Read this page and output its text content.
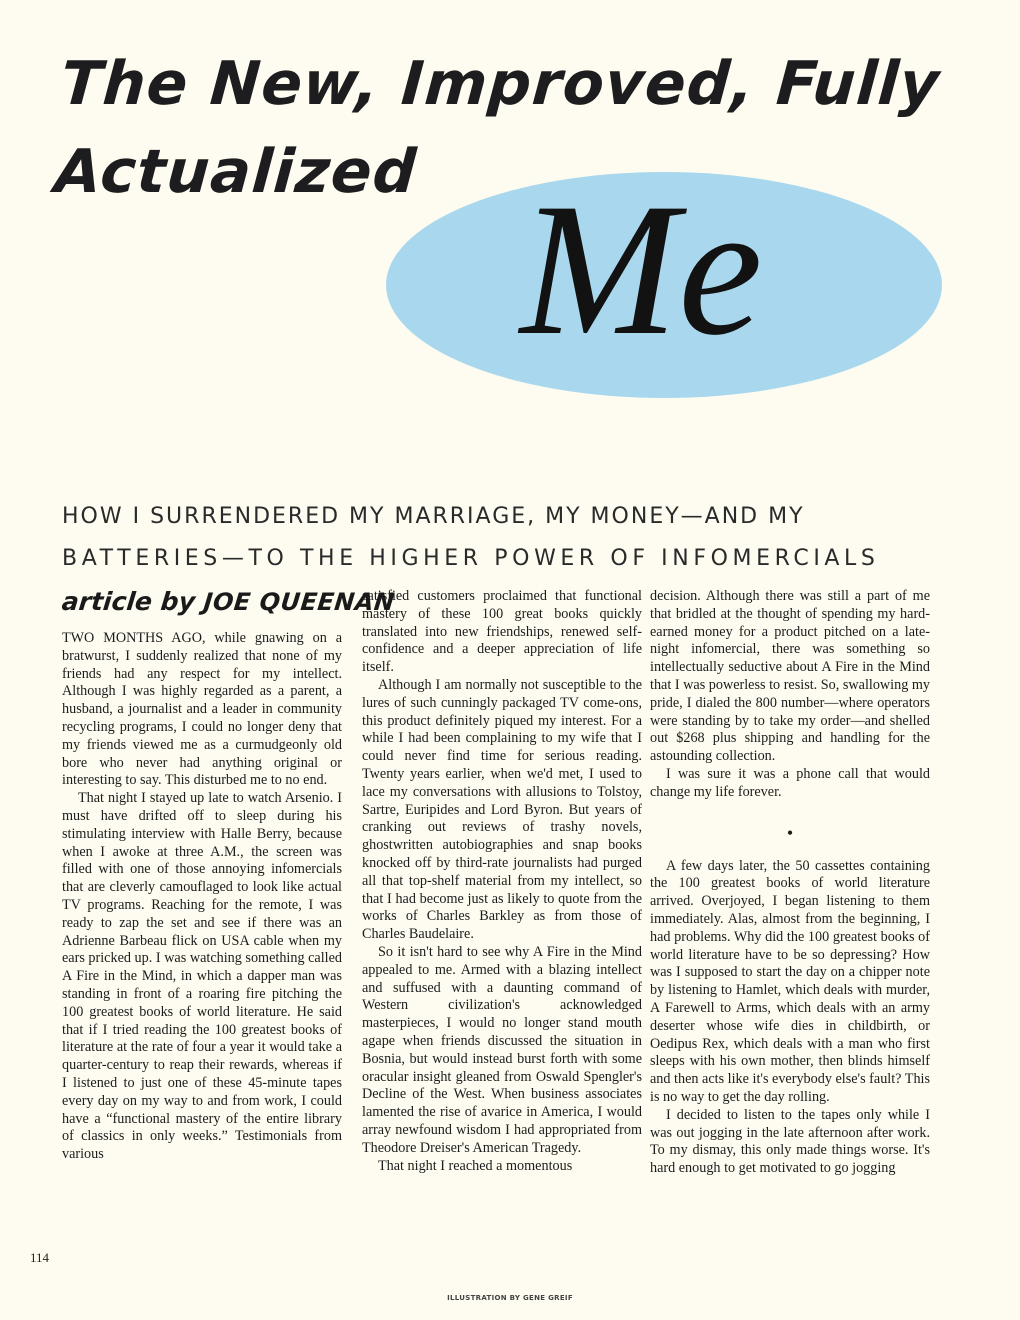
The New, Improved, Fully
Actualized Me
HOW I SURRENDERED MY MARRIAGE, MY MONEY—AND MY
BATTERIES—TO THE HIGHER POWER OF INFOMERCIALS
article by JOE QUEENAN

TWO MONTHS AGO, while gnawing on a bratwurst, I suddenly realized that none of my friends had any respect for my intellect. Although I was highly regarded as a parent, a husband, a journalist and a leader in community recycling programs, I could no longer deny that my friends viewed me as a curmudgeonly old bore who never had anything original or interesting to say. This disturbed me to no end.

That night I stayed up late to watch Arsenio. I must have drifted off to sleep during his stimulating interview with Halle Berry, because when I awoke at three A.M., the screen was filled with one of those annoying infomercials that are cleverly camouflaged to look like actual TV programs. Reaching for the remote, I was ready to zap the set and see if there was an Adrienne Barbeau flick on USA cable when my ears pricked up. I was watching something called A Fire in the Mind, in which a dapper man was standing in front of a roaring fire pitching the 100 greatest books of world literature. He said that if I tried reading the 100 greatest books of literature at the rate of four a year it would take a quarter-century to reap their rewards, whereas if I listened to just one of these 45-minute tapes every day on my way to and from work, I could have a “functional mastery of the entire library of classics in only weeks.” Testimonials from various

satisfied customers proclaimed that functional mastery of these 100 great books quickly translated into new friendships, renewed self-confidence and a deeper appreciation of life itself.

Although I am normally not susceptible to the lures of such cunningly packaged TV come-ons, this product definitely piqued my interest. For a while I had been complaining to my wife that I could never find time for serious reading. Twenty years earlier, when we'd met, I used to lace my conversations with allusions to Tolstoy, Sartre, Euripides and Lord Byron. But years of cranking out reviews of trashy novels, ghostwritten autobiographies and snap books knocked off by third-rate journalists had purged all that top-shelf material from my intellect, so that I had become just as likely to quote from the works of Charles Barkley as from those of Charles Baudelaire.

So it isn't hard to see why A Fire in the Mind appealed to me. Armed with a blazing intellect and suffused with a daunting command of Western civilization's acknowledged masterpieces, I would no longer stand mouth agape when friends discussed the situation in Bosnia, but would instead burst forth with some oracular insight gleaned from Oswald Spengler's Decline of the West. When business associates lamented the rise of avarice in America, I would array newfound wisdom I had appropriated from Theodore Dreiser's American Tragedy.

That night I reached a momentous

decision. Although there was still a part of me that bridled at the thought of spending my hard-earned money for a product pitched on a late-night infomercial, there was something so intellectually seductive about A Fire in the Mind that I was powerless to resist. So, swallowing my pride, I dialed the 800 number—where operators were standing by to take my order—and shelled out $268 plus shipping and handling for the astounding collection.

I was sure it was a phone call that would change my life forever.

•

A few days later, the 50 cassettes containing the 100 greatest books of world literature arrived. Overjoyed, I began listening to them immediately. Alas, almost from the beginning, I had problems. Why did the 100 greatest books of world literature have to be so depressing? How was I supposed to start the day on a chipper note by listening to Hamlet, which deals with murder, A Farewell to Arms, which deals with an army deserter whose wife dies in childbirth, or Oedipus Rex, which deals with a man who first sleeps with his own mother, then blinds himself and then acts like it's everybody else's fault? This is no way to get the day rolling.

I decided to listen to the tapes only while I was out jogging in the late afternoon after work. To my dismay, this only made things worse. It's hard enough to get motivated to go jogging

114
ILLUSTRATION BY GENE GREIF
